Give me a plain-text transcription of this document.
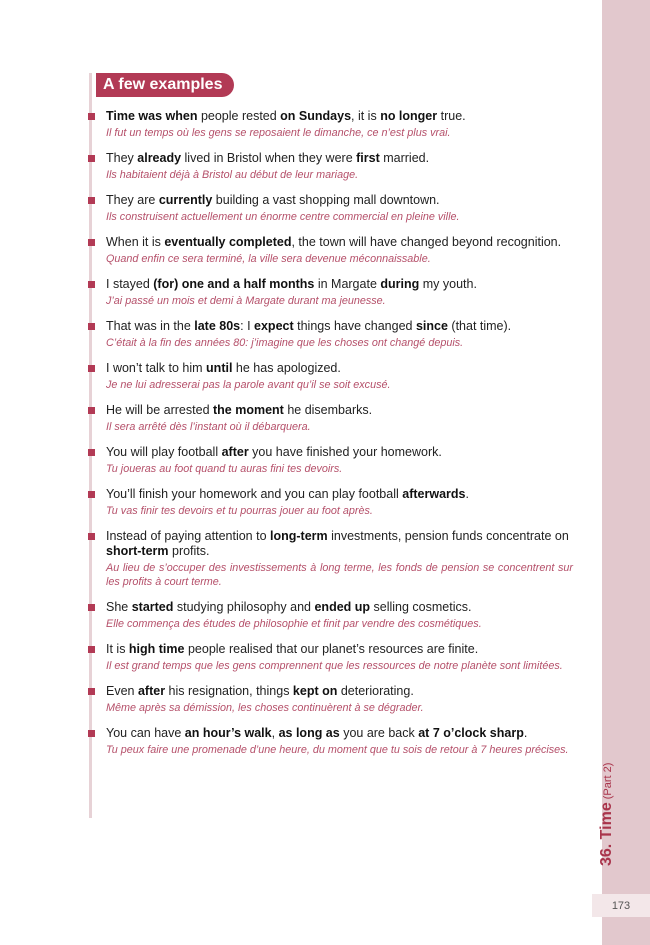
36. Time(Part 2)
173
A few examples
Time was when people rested on Sundays, it is no longer true.
Il fut un temps où les gens se reposaient le dimanche, ce n’est plus vrai.
They already lived in Bristol when they were first married.
Ils habitaient déjà à Bristol au début de leur mariage.
They are currently building a vast shopping mall downtown.
Ils construisent actuellement un énorme centre commercial en pleine ville.
When it is eventually completed, the town will have changed beyond recognition.
Quand enfin ce sera terminé, la ville sera devenue méconnaissable.
I stayed (for) one and a half months in Margate during my youth.
J’ai passé un mois et demi à Margate durant ma jeunesse.
That was in the late 80s: I expect things have changed since (that time).
C’était à la fin des années 80: j’imagine que les choses ont changé depuis.
I won’t talk to him until he has apologized.
Je ne lui adresserai pas la parole avant qu’il se soit excusé.
He will be arrested the moment he disembarks.
Il sera arrêté dès l’instant où il débarquera.
You will play football after you have finished your homework.
Tu joueras au foot quand tu auras fini tes devoirs.
You’ll finish your homework and you can play football afterwards.
Tu vas finir tes devoirs et tu pourras jouer au foot après.
Instead of paying attention to long-term investments, pension funds concentrate on short-term profits.
Au lieu de s’occuper des investissements à long terme, les fonds de pension se concentrent sur les profits à court terme.
She started studying philosophy and ended up selling cosmetics.
Elle commença des études de philosophie et finit par vendre des cosmétiques.
It is high time people realised that our planet’s resources are finite.
Il est grand temps que les gens comprennent que les ressources de notre planète sont limitées.
Even after his resignation, things kept on deteriorating.
Même après sa démission, les choses continuèrent à se dégrader.
You can have an hour’s walk, as long as you are back at 7 o’clock sharp.
Tu peux faire une promenade d’une heure, du moment que tu sois de retour à 7 heures précises.
